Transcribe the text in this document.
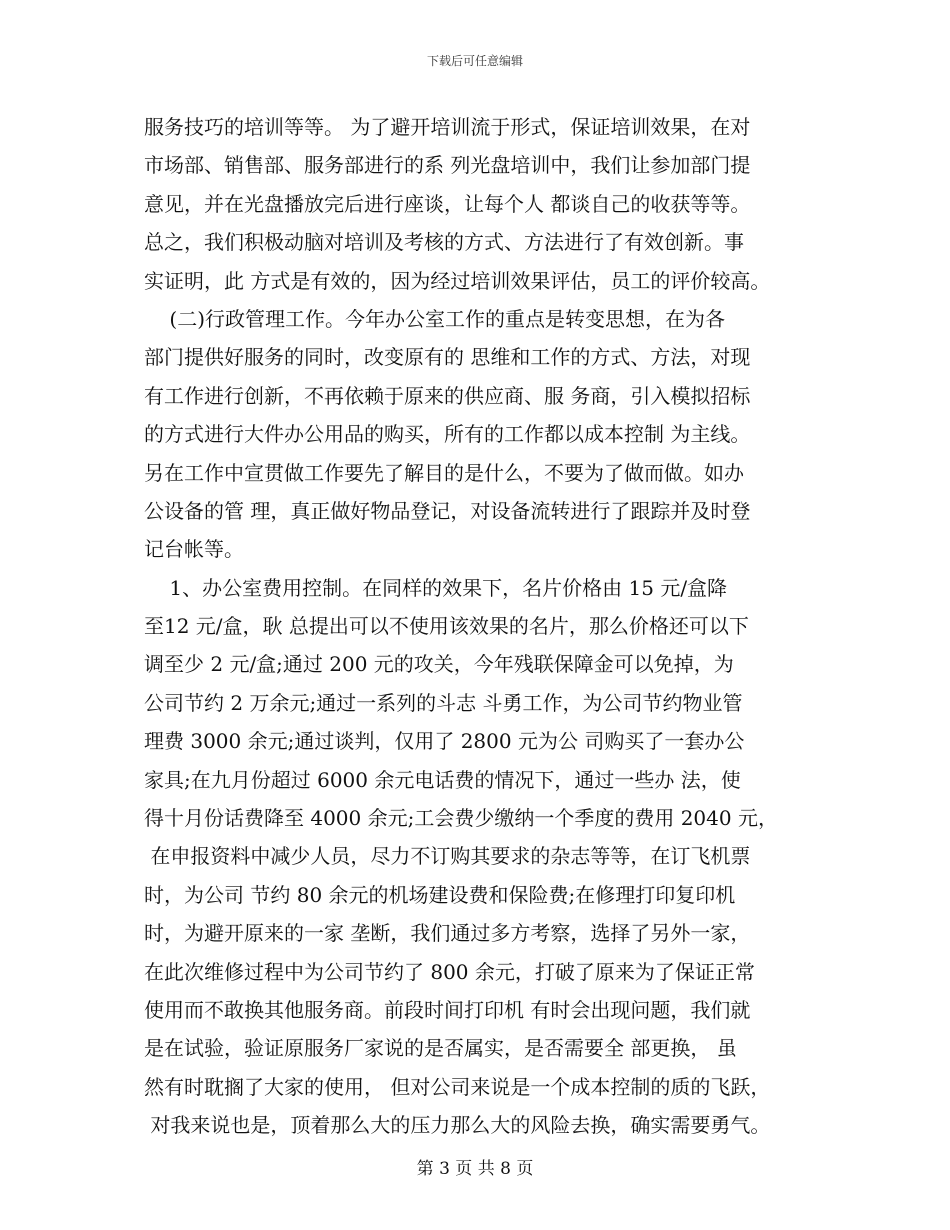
下载后可任意编辑
服务技巧的培训等等。 为了避开培训流于形式，保证培训效果，在对
市场部、销售部、服务部进行的系 列光盘培训中，我们让参加部门提
意见，并在光盘播放完后进行座谈，让每个人 都谈自己的收获等等。
总之，我们积极动脑对培训及考核的方式、方法进行了有效创新。事
实证明，此 方式是有效的，因为经过培训效果评估，员工的评价较高。
(二)行政管理工作。今年办公室工作的重点是转变思想，在为各
部门提供好服务的同时，改变原有的 思维和工作的方式、方法，对现
有工作进行创新，不再依赖于原来的供应商、服 务商，引入模拟招标
的方式进行大件办公用品的购买，所有的工作都以成本控制 为主线。
另在工作中宣贯做工作要先了解目的是什么，不要为了做而做。如办
公设备的管 理，真正做好物品登记，对设备流转进行了跟踪并及时登
记台帐等。
1、办公室费用控制。在同样的效果下，名片价格由 15 元/盒降
至12 元/盒，耿 总提出可以不使用该效果的名片，那么价格还可以下
调至少 2 元/盒;通过 200 元的攻关，今年残联保障金可以免掉，为
公司节约 2 万余元;通过一系列的斗志 斗勇工作，为公司节约物业管
理费 3000 余元;通过谈判，仅用了 2800 元为公 司购买了一套办公
家具;在九月份超过 6000 余元电话费的情况下，通过一些办 法，使
得十月份话费降至 4000 余元;工会费少缴纳一个季度的费用 2040 元，
在申报资料中减少人员，尽力不订购其要求的杂志等等，在订飞机票
时，为公司 节约 80 余元的机场建设费和保险费;在修理打印复印机
时，为避开原来的一家 垄断，我们通过多方考察，选择了另外一家，
在此次维修过程中为公司节约了 800 余元，打破了原来为了保证正常
使用而不敢换其他服务商。前段时间打印机 有时会出现问题，我们就
是在试验，验证原服务厂家说的是否属实，是否需要全 部更换， 虽
然有时耽搁了大家的使用， 但对公司来说是一个成本控制的质的飞跃，
对我来说也是，顶着那么大的压力那么大的风险去换，确实需要勇气。
第 3 页 共 8 页
